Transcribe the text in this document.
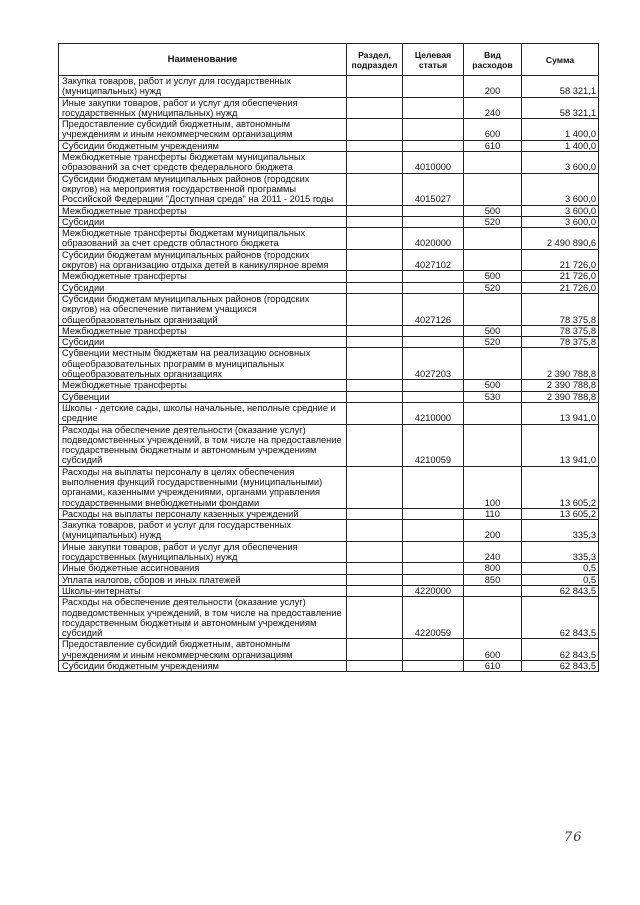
Наименование	Раздел, подраздел	Целевая статья	Вид расходов	Сумма
Закупка товаров, работ и услуг для государственных (муниципальных) нужд			200	58 321,1
Иные закупки товаров, работ и услуг для обеспечения государственных (муниципальных) нужд			240	58 321,1
Предоставление субсидий бюджетным, автономным учреждениям и иным некоммерческим организациям			600	1 400,0
Субсидии бюджетным учреждениям			610	1 400,0
Межбюджетные трансферты бюджетам муниципальных образований за счет средств федерального бюджета		4010000		3 600,0
Субсидии бюджетам муниципальных районов (городских округов) на мероприятия государственной программы Российской Федерации "Доступная среда" на 2011 - 2015 годы		4015027		3 600,0
Межбюджетные трансферты			500	3 600,0
Субсидии			520	3 600,0
Межбюджетные трансферты бюджетам муниципальных образований за счет средств областного бюджета		4020000		2 490 890,6
Субсидии бюджетам муниципальных районов (городских округов) на организацию отдыха детей в каникулярное время		4027102		21 726,0
Межбюджетные трансферты			500	21 726,0
Субсидии			520	21 726,0
Субсидии бюджетам муниципальных районов (городских округов) на обеспечение питанием учащихся общеобразовательных организаций		4027126		78 375,8
Межбюджетные трансферты			500	78 375,8
Субсидии			520	78 375,8
Субвенции местным бюджетам на реализацию основных общеобразовательных программ в муниципальных общеобразовательных организациях		4027203		2 390 788,8
Межбюджетные трансферты			500	2 390 788,8
Субвенции			530	2 390 788,8
Школы - детские сады, школы начальные, неполные средние и средние		4210000		13 941,0
Расходы на обеспечение деятельности (оказание услуг) подведомственных учреждений, в том числе на предоставление государственным бюджетным и автономным учреждениям субсидий		4210059		13 941,0
Расходы на выплаты персоналу в целях обеспечения выполнения функций государственными (муниципальными) органами, казенными учреждениями, органами управления государственными внебюджетными фондами			100	13 605,2
Расходы на выплаты персоналу казенных учреждений			110	13 605,2
Закупка товаров, работ и услуг для государственных (муниципальных) нужд			200	335,3
Иные закупки товаров, работ и услуг для обеспечения государственных (муниципальных) нужд			240	335,3
Иные бюджетные ассигнования			800	0,5
Уплата налогов, сборов и иных платежей			850	0,5
Школы-интернаты		4220000		62 843,5
Расходы на обеспечение деятельности (оказание услуг) подведомственных учреждений, в том числе на предоставление государственным бюджетным и автономным учреждениям субсидий		4220059		62 843,5
Предоставление субсидий бюджетным, автономным учреждениям и иным некоммерческим организациям			600	62 843,5
Субсидии бюджетным учреждениям			610	62 843,5
76
